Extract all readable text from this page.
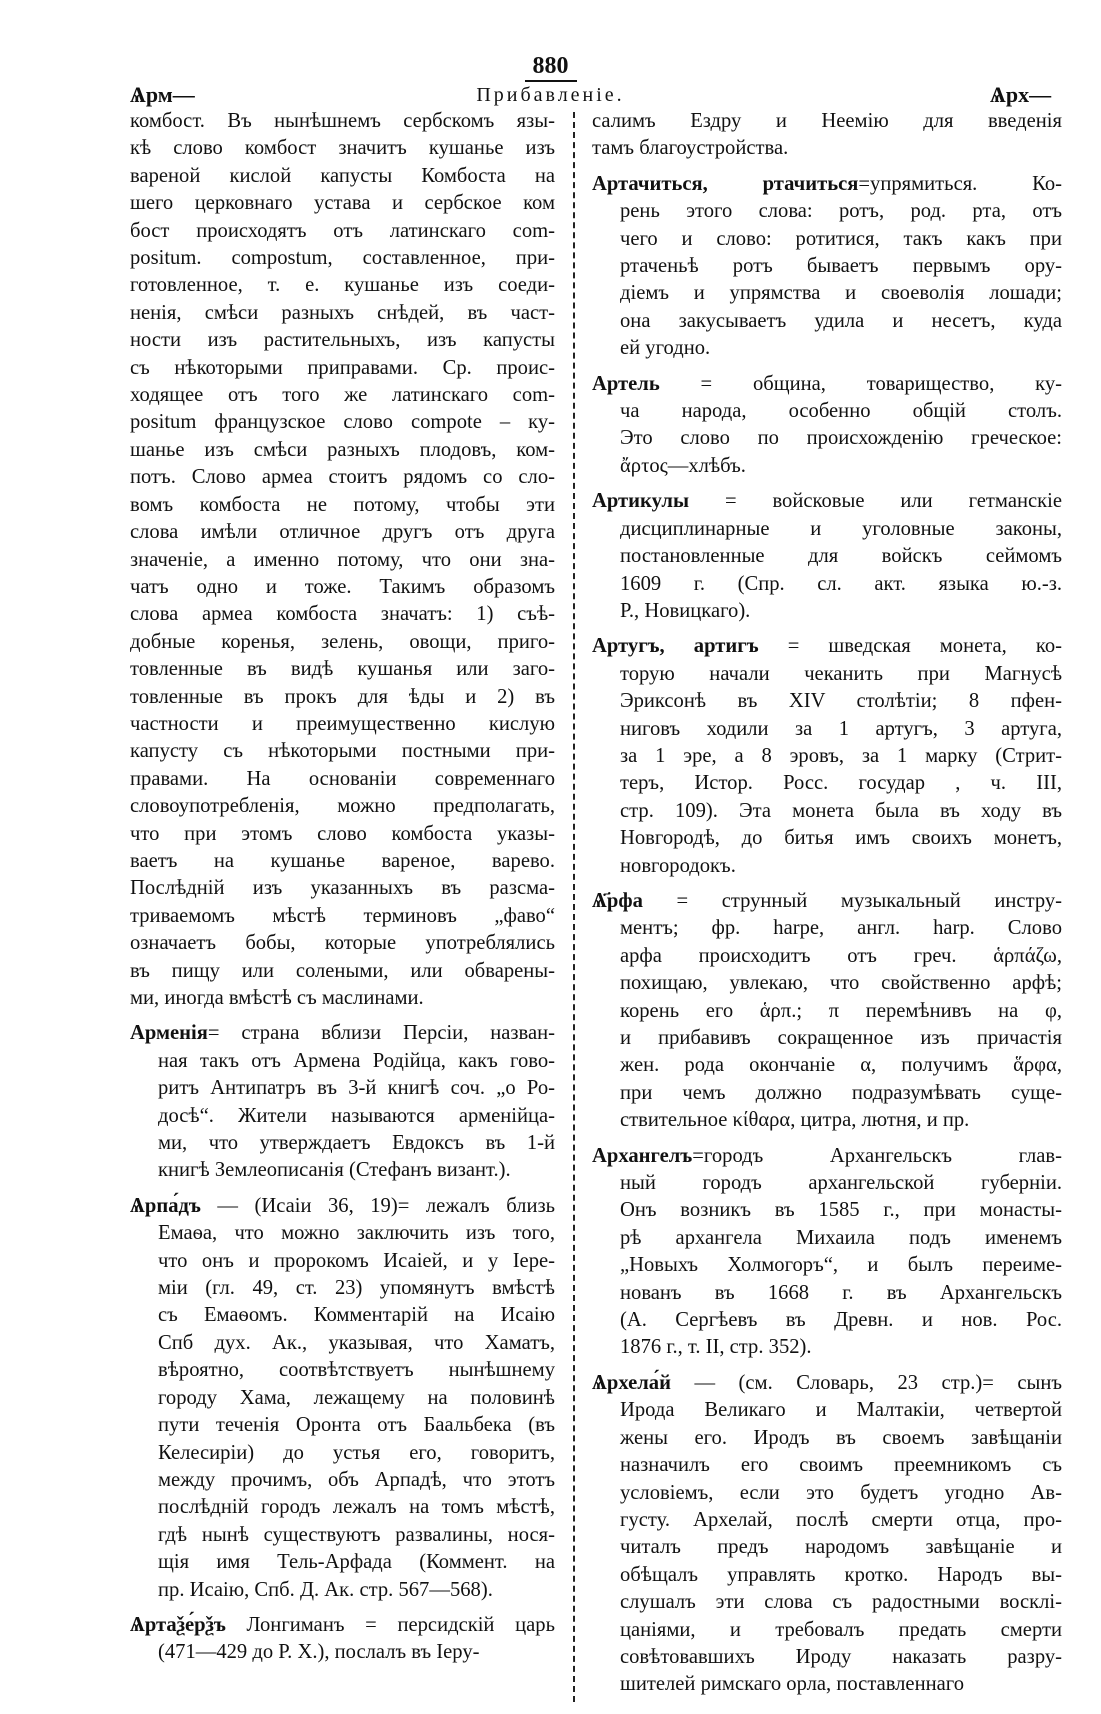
880
Ѧрм—	Прибавленіе.	Ѧрх—
комбост. Въ нынѣшнемъ сербскомъ язы-
кѣ слово комбост значитъ кушанье изъ
вареной кислой капусты Комбоста на
шего церковнаго устава и сербское ком
бост происходятъ отъ латинскаго com-
positum. compostum, составленное, при-
готовленное, т. е. кушанье изъ соеди-
ненія, смѣси разныхъ снѣдей, въ част-
ности изъ растительныхъ, изъ капусты
съ нѣкоторыми приправами. Ср. проис-
ходящее отъ того же латинскаго com-
positum французское слово compote – ку-
шанье изъ смѣси разныхъ плодовъ, ком-
потъ. Слово армеа стоитъ рядомъ со сло-
вомъ комбоста не потому, чтобы эти
слова имѣли отличное другъ отъ друга
значеніе, а именно потому, что они зна-
чатъ одно и тоже. Такимъ образомъ
слова армеа комбоста значатъ: 1) съѣ-
добные коренья, зелень, овощи, приго-
товленные въ видѣ кушанья или заго-
товленные въ прокъ для ѣды и 2) въ
частности и преимущественно кислую
капусту съ нѣкоторыми постными при-
правами. На основаніи современнаго
словоупотребленія, можно предполагать,
что при этомъ слово комбоста указы-
ваетъ на кушанье вареное, варево.
Послѣдній изъ указанныхъ въ разсма-
триваемомъ мѣстѣ терминовъ „фаво“
означаетъ бобы, которые употреблялись
въ пищу или солеными, или обварены-
ми, иногда вмѣстѣ съ маслинами.
Арменія= страна вблизи Персіи, назван-
ная такъ отъ Армена Родійца, какъ гово-
ритъ Антипатръ въ 3-й книгѣ соч. „о Ро-
досѣ“. Жители называются арменійца-
ми, что утверждаетъ Евдоксъ въ 1-й
книгѣ Землеописанія (Стефанъ визант.).
Ѧрпа́дъ — (Исаіи 36, 19)= лежалъ близь
Емаѳа, что можно заключить изъ того,
что онъ и пророкомъ Исаіей, и у Іере-
міи (гл. 49, ст. 23) упомянутъ вмѣстѣ
съ Емаѳомъ. Комментарій на Исаію
Спб дух. Ак., указывая, что Хаматъ,
вѣроятно, соотвѣтствуетъ нынѣшнему
городу Хама, лежащему на половинѣ
пути теченія Оронта отъ Баальбека (въ
Келесиріи) до устья его, говоритъ,
между прочимъ, объ Арпадѣ, что этотъ
послѣдній городъ лежалъ на томъ мѣстѣ,
гдѣ нынѣ существуютъ развалины, нося-
щія имя Тель-Арфада (Коммент. на
пр. Исаію, Спб. Д. Ак. стр. 567—568).
Ѧртаѯе́рѯъ Лонгиманъ = персидскій царь
(471—429 до Р. Х.), послалъ въ Іеру-
салимъ Ездру и Неемію для введенія
тамъ благоустройства.
Артачиться, ртачиться=упрямиться. Ко-
рень этого слова: ротъ, род. рта, отъ
чего и слово: ротитися, такъ какъ при
ртаченьѣ ротъ бываетъ первымъ ору-
діемъ и упрямства и своеволія лошади;
она закусываетъ удила и несетъ, куда
ей угодно.
Артель = община, товарищество, ку-
ча народа, особенно общій столъ.
Это слово по происхожденію греческое:
ἄρτος—хлѣбъ.
Артикулы = войсковые или гетманскіе
дисциплинарные и уголовные законы,
постановленные для войскъ сеймомъ
1609 г. (Спр. сл. акт. языка ю.-з.
Р., Новицкаго).
Артугъ, артигъ = шведская монета, ко-
торую начали чеканить при Магнусѣ
Эриксонѣ въ XIV столѣтіи; 8 пфен-
ниговъ ходили за 1 артугъ, 3 артуга,
за 1 эре, а 8 эровъ, за 1 марку (Стрит-
теръ, Истор. Росс. государ , ч. III,
стр. 109). Эта монета была въ ходу въ
Новгородѣ, до битья имъ своихъ монетъ,
новгородокъ.
Ѧ҃рфа = струнный музыкальный инстру-
ментъ; фр. harpe, англ. harp. Слово
арфа происходитъ отъ греч. ἁρπάζω,
похищаю, увлекаю, что свойственно арфѣ;
корень его ἁρπ.; π перемѣнивъ на φ,
и прибавивъ сокращенное изъ причастія
жен. рода окончаніе α, получимъ ἅρφα,
при чемъ должно подразумѣвать суще-
ствительное κίθαρα, цитра, лютня, и пр.
Архангелъ=городъ Архангельскъ глав-
ный городъ архангельской губерніи.
Онъ возникъ въ 1585 г., при монасты-
рѣ архангела Михаила подъ именемъ
„Новыхъ Холмогоръ“, и былъ переиме-
нованъ въ 1668 г. въ Архангельскъ
(А. Сергѣевъ въ Древн. и нов. Рос.
1876 г., т. II, стр. 352).
Ѧрхела́й — (см. Словарь, 23 стр.)= сынъ
Ирода Великаго и Малтакіи, четвертой
жены его. Иродъ въ своемъ завѣщаніи
назначилъ его своимъ преемникомъ съ
условіемъ, если это будетъ угодно Ав-
густу. Архелай, послѣ смерти отца, про-
читалъ предъ народомъ завѣщаніе и
обѣщалъ управлять кротко. Народъ вы-
слушалъ эти слова съ радостными восклі-
цаніями, и требовалъ предать смерти
совѣтовавшихъ Ироду наказать разру-
шителей римскаго орла, поставленнаго
